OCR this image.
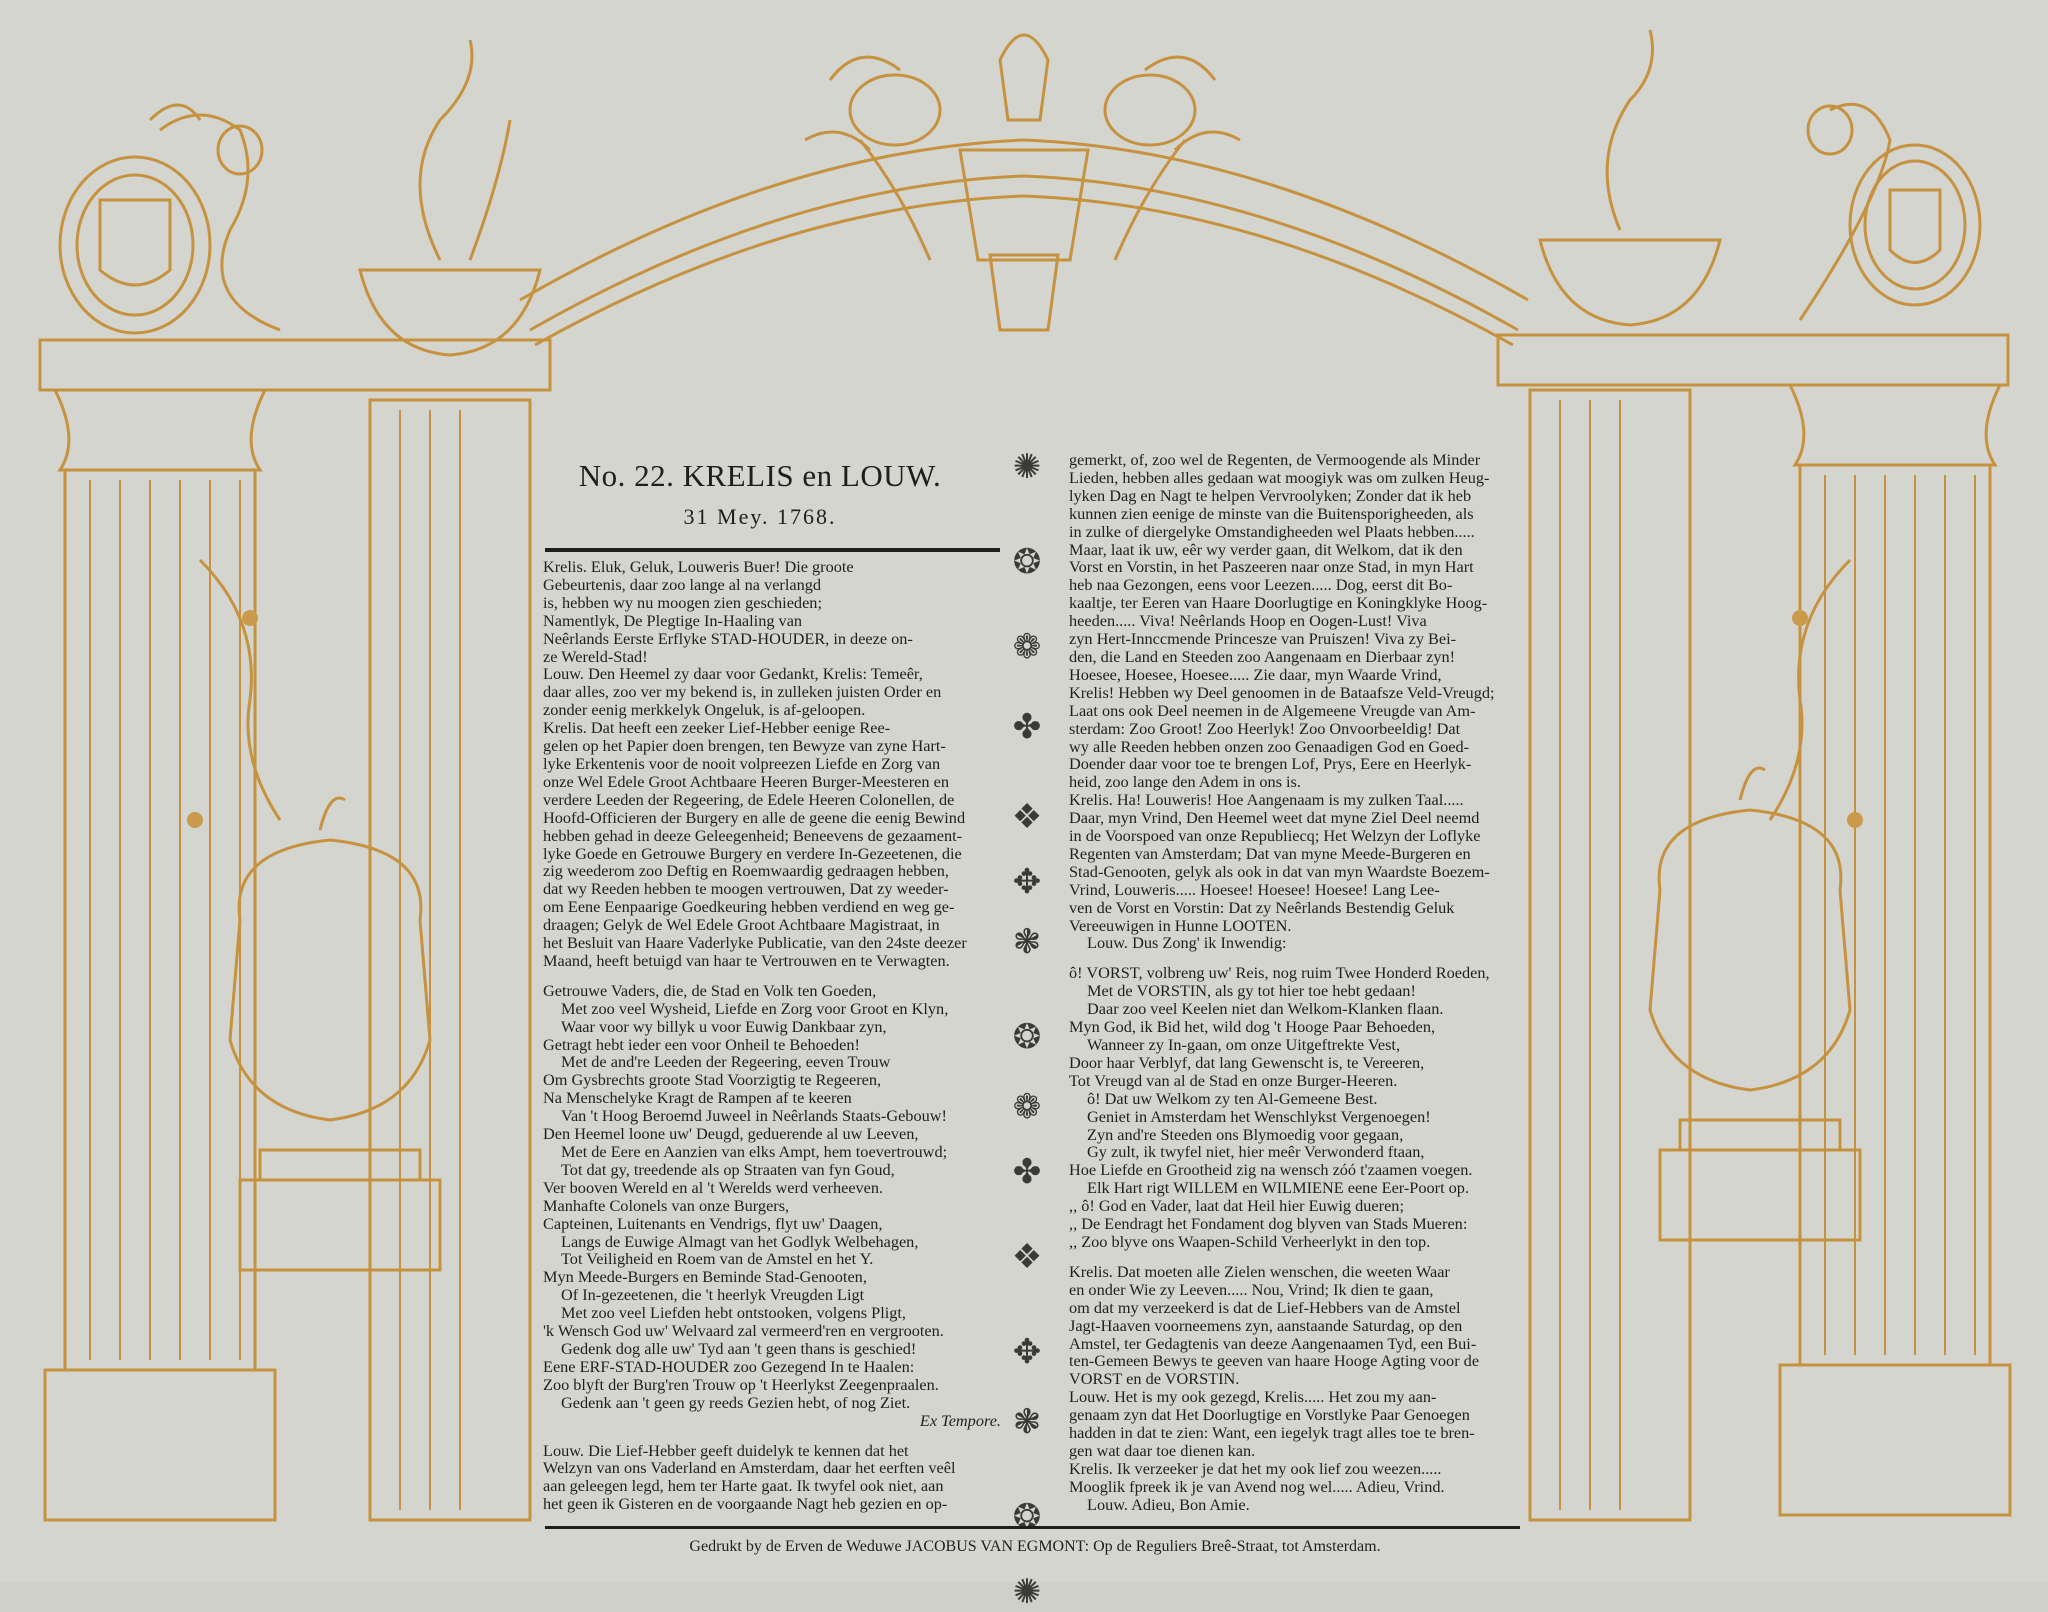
No. 22. KRELIS en LOUW.
31 Mey. 1768.

Krelis. Eluk, Geluk, Louweris Buer! Die groote

Gebeurtenis, daar zoo lange al na verlangd

is, hebben wy nu moogen zien geschieden;

Namentlyk, De Plegtige In-Haaling van

Neêrlands Eerste Erflyke STAD-HOUDER, in deeze on-

ze Wereld-Stad!

Louw. Den Heemel zy daar voor Gedankt, Krelis: Temeêr,

daar alles, zoo ver my bekend is, in zulleken juisten Order en

zonder eenig merkkelyk Ongeluk, is af-geloopen.

Krelis. Dat heeft een zeeker Lief-Hebber eenige Ree-

gelen op het Papier doen brengen, ten Bewyze van zyne Hart-

lyke Erkentenis voor de nooit volpreezen Liefde en Zorg van

onze Wel Edele Groot Achtbaare Heeren Burger-Meesteren en

verdere Leeden der Regeering, de Edele Heeren Colonellen, de

Hoofd-Officieren der Burgery en alle de geene die eenig Bewind

hebben gehad in deeze Geleegenheid; Beneevens de gezaament-

lyke Goede en Getrouwe Burgery en verdere In-Gezeetenen, die

zig weederom zoo Deftig en Roemwaardig gedraagen hebben,

dat wy Reeden hebben te moogen vertrouwen, Dat zy weeder-

om Eene Eenpaarige Goedkeuring hebben verdiend en weg ge-

draagen; Gelyk de Wel Edele Groot Achtbaare Magistraat, in

het Besluit van Haare Vaderlyke Publicatie, van den 24ste deezer

Maand, heeft betuigd van haar te Vertrouwen en te Verwagten.

Getrouwe Vaders, die, de Stad en Volk ten Goeden,

Met zoo veel Wysheid, Liefde en Zorg voor Groot en Klyn,

Waar voor wy billyk u voor Euwig Dankbaar zyn,

Getragt hebt ieder een voor Onheil te Behoeden!

Met de and're Leeden der Regeering, eeven Trouw

Om Gysbrechts groote Stad Voorzigtig te Regeeren,

Na Menschelyke Kragt de Rampen af te keeren

Van 't Hoog Beroemd Juweel in Neêrlands Staats-Gebouw!

Den Heemel loone uw' Deugd, geduerende al uw Leeven,

Met de Eere en Aanzien van elks Ampt, hem toevertrouwd;

Tot dat gy, treedende als op Straaten van fyn Goud,

Ver booven Wereld en al 't Werelds werd verheeven.

Manhafte Colonels van onze Burgers,

Capteinen, Luitenants en Vendrigs, flyt uw' Daagen,

Langs de Euwige Almagt van het Godlyk Welbehagen,

Tot Veiligheid en Roem van de Amstel en het Y.

Myn Meede-Burgers en Beminde Stad-Genooten,

Of In-gezeetenen, die 't heerlyk Vreugden Ligt

Met zoo veel Liefden hebt ontstooken, volgens Pligt,

'k Wensch God uw' Welvaard zal vermeerd'ren en vergrooten.

Gedenk dog alle uw' Tyd aan 't geen thans is geschied!

Eene ERF-STAD-HOUDER zoo Gezegend In te Haalen:

Zoo blyft der Burg'ren Trouw op 't Heerlykst Zeegenpraalen.

Gedenk aan 't geen gy reeds Gezien hebt, of nog Ziet.

Ex Tempore.

Louw. Die Lief-Hebber geeft duidelyk te kennen dat het

Welzyn van ons Vaderland en Amsterdam, daar het eerften veêl

aan geleegen legd, hem ter Harte gaat. Ik twyfel ook niet, aan

het geen ik Gisteren en de voorgaande Nagt heb gezien en op-

✺
❂
❁
✤
❖
✥
❃
❂
❁
✤
❖
✥
❃
❂
✺

gemerkt, of, zoo wel de Regenten, de Vermoogende als Minder

Lieden, hebben alles gedaan wat moogiyk was om zulken Heug-

lyken Dag en Nagt te helpen Vervroolyken; Zonder dat ik heb

kunnen zien eenige de minste van die Buitensporigheeden, als

in zulke of diergelyke Omstandigheeden wel Plaats hebben.....

Maar, laat ik uw, eêr wy verder gaan, dit Welkom, dat ik den

Vorst en Vorstin, in het Paszeeren naar onze Stad, in myn Hart

heb naa Gezongen, eens voor Leezen..... Dog, eerst dit Bo-

kaaltje, ter Eeren van Haare Doorlugtige en Koningklyke Hoog-

heeden..... Viva! Neêrlands Hoop en Oogen-Lust! Viva

zyn Hert-Innccmende Princesze van Pruiszen! Viva zy Bei-

den, die Land en Steeden zoo Aangenaam en Dierbaar zyn!

Hoesee, Hoesee, Hoesee..... Zie daar, myn Waarde Vrind,

Krelis! Hebben wy Deel genoomen in de Bataafsze Veld-Vreugd;

Laat ons ook Deel neemen in de Algemeene Vreugde van Am-

sterdam: Zoo Groot! Zoo Heerlyk! Zoo Onvoorbeeldig! Dat

wy alle Reeden hebben onzen zoo Genaadigen God en Goed-

Doender daar voor toe te brengen Lof, Prys, Eere en Heerlyk-

heid, zoo lange den Adem in ons is.

Krelis. Ha! Louweris! Hoe Aangenaam is my zulken Taal.....

Daar, myn Vrind, Den Heemel weet dat myne Ziel Deel neemd

in de Voorspoed van onze Republiecq; Het Welzyn der Loflyke

Regenten van Amsterdam; Dat van myne Meede-Burgeren en

Stad-Genooten, gelyk als ook in dat van myn Waardste Boezem-

Vrind, Louweris..... Hoesee! Hoesee! Hoesee! Lang Lee-

ven de Vorst en Vorstin: Dat zy Neêrlands Bestendig Geluk

Vereeuwigen in Hunne LOOTEN.

Louw. Dus Zong' ik Inwendig:

ô! VORST, volbreng uw' Reis, nog ruim Twee Honderd Roeden,

Met de VORSTIN, als gy tot hier toe hebt gedaan!

Daar zoo veel Keelen niet dan Welkom-Klanken flaan.

Myn God, ik Bid het, wild dog 't Hooge Paar Behoeden,

Wanneer zy In-gaan, om onze Uitgeftrekte Vest,

Door haar Verblyf, dat lang Gewenscht is, te Vereeren,

Tot Vreugd van al de Stad en onze Burger-Heeren.

ô! Dat uw Welkom zy ten Al-Gemeene Best.

Geniet in Amsterdam het Wenschlykst Vergenoegen!

Zyn and're Steeden ons Blymoedig voor gegaan,

Gy zult, ik twyfel niet, hier meêr Verwonderd ftaan,

Hoe Liefde en Grootheid zig na wensch zóó t'zaamen voegen.

Elk Hart rigt WILLEM en WILMIENE eene Eer-Poort op.

,, ô! God en Vader, laat dat Heil hier Euwig dueren;

,, De Eendragt het Fondament dog blyven van Stads Mueren:

,, Zoo blyve ons Waapen-Schild Verheerlykt in den top.

Krelis. Dat moeten alle Zielen wenschen, die weeten Waar

en onder Wie zy Leeven..... Nou, Vrind; Ik dien te gaan,

om dat my verzeekerd is dat de Lief-Hebbers van de Amstel

Jagt-Haaven voorneemens zyn, aanstaande Saturdag, op den

Amstel, ter Gedagtenis van deeze Aangenaamen Tyd, een Bui-

ten-Gemeen Bewys te geeven van haare Hooge Agting voor de

VORST en de VORSTIN.

Louw. Het is my ook gezegd, Krelis..... Het zou my aan-

genaam zyn dat Het Doorlugtige en Vorstlyke Paar Genoegen

hadden in dat te zien: Want, een iegelyk tragt alles toe te bren-

gen wat daar toe dienen kan.

Krelis. Ik verzeeker je dat het my ook lief zou weezen.....

Mooglik fpreek ik je van Avend nog wel..... Adieu, Vrind.

Louw. Adieu, Bon Amie.

Gedrukt by de Erven de Weduwe JACOBUS VAN EGMONT: Op de Reguliers Breê-Straat, tot Amsterdam.
